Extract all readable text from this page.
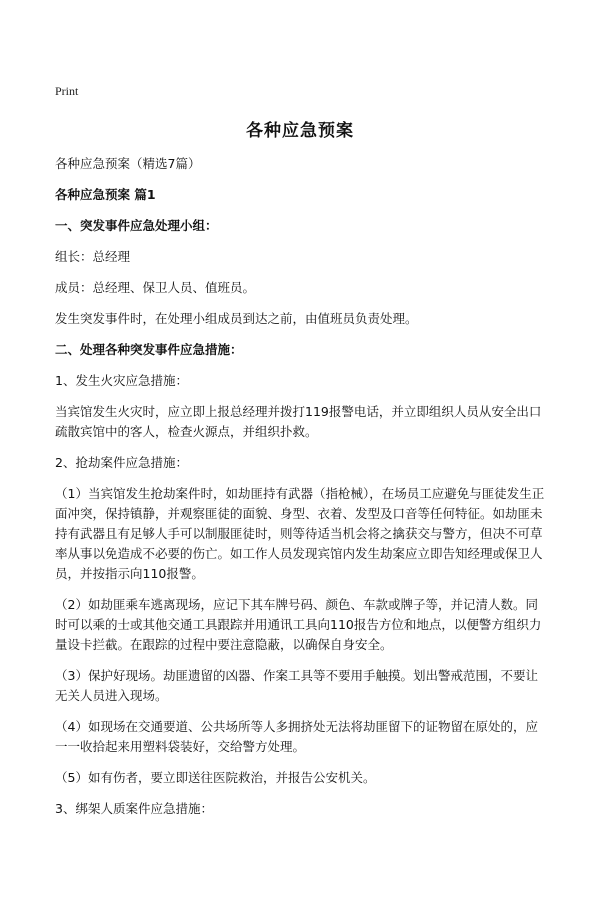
Print
各种应急预案
各种应急预案（精选7篇）
各种应急预案 篇1
一、突发事件应急处理小组：
组长：总经理
成员：总经理、保卫人员、值班员。
发生突发事件时，在处理小组成员到达之前，由值班员负责处理。
二、处理各种突发事件应急措施：
1、发生火灾应急措施：
当宾馆发生火灾时，应立即上报总经理并拨打119报警电话，并立即组织人员从安全出口疏散宾馆中的客人，检查火源点，并组织扑救。
2、抢劫案件应急措施：
（1）当宾馆发生抢劫案件时，如劫匪持有武器（指枪械），在场员工应避免与匪徒发生正面冲突，保持镇静，并观察匪徒的面貌、身型、衣着、发型及口音等任何特征。如劫匪未持有武器且有足够人手可以制服匪徒时，则等待适当机会将之擒获交与警方，但决不可草率从事以免造成不必要的伤亡。如工作人员发现宾馆内发生劫案应立即告知经理或保卫人员，并按指示向110报警。
（2）如劫匪乘车逃离现场，应记下其车牌号码、颜色、车款或牌子等，并记清人数。同时可以乘的士或其他交通工具跟踪并用通讯工具向110报告方位和地点，以便警方组织力量设卡拦截。在跟踪的过程中要注意隐蔽，以确保自身安全。
（3）保护好现场。劫匪遗留的凶器、作案工具等不要用手触摸。划出警戒范围，不要让无关人员进入现场。
（4）如现场在交通要道、公共场所等人多拥挤处无法将劫匪留下的证物留在原处的，应一一收拾起来用塑料袋装好，交给警方处理。
（5）如有伤者，要立即送往医院救治，并报告公安机关。
3、绑架人质案件应急措施：
